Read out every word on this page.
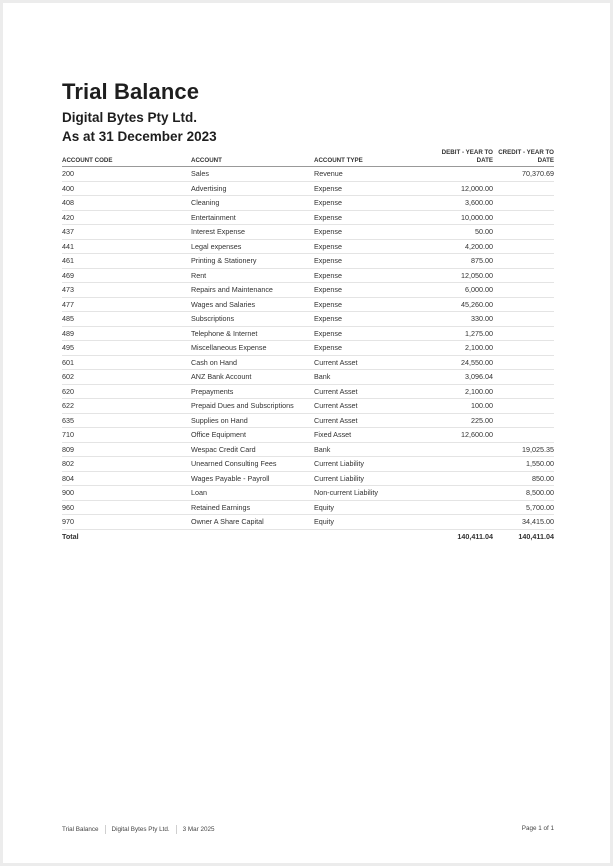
Trial Balance
Digital Bytes Pty Ltd.
As at 31 December 2023
ACCOUNT CODE	ACCOUNT	ACCOUNT TYPE	DEBIT - YEAR TO DATE	CREDIT - YEAR TO DATE
200	Sales	Revenue		70,370.69
400	Advertising	Expense	12,000.00	
408	Cleaning	Expense	3,600.00	
420	Entertainment	Expense	10,000.00	
437	Interest Expense	Expense	50.00	
441	Legal expenses	Expense	4,200.00	
461	Printing & Stationery	Expense	875.00	
469	Rent	Expense	12,050.00	
473	Repairs and Maintenance	Expense	6,000.00	
477	Wages and Salaries	Expense	45,260.00	
485	Subscriptions	Expense	330.00	
489	Telephone & Internet	Expense	1,275.00	
495	Miscellaneous Expense	Expense	2,100.00	
601	Cash on Hand	Current Asset	24,550.00	
602	ANZ Bank Account	Bank	3,096.04	
620	Prepayments	Current Asset	2,100.00	
622	Prepaid Dues and Subscriptions	Current Asset	100.00	
635	Supplies on Hand	Current Asset	225.00	
710	Office Equipment	Fixed Asset	12,600.00	
809	Wespac Credit Card	Bank		19,025.35
802	Unearned Consulting Fees	Current Liability		1,550.00
804	Wages Payable - Payroll	Current Liability		850.00
900	Loan	Non-current Liability		8,500.00
960	Retained Earnings	Equity		5,700.00
970	Owner A Share Capital	Equity		34,415.00
Total			140,411.04	140,411.04
Trial Balance Digital Bytes Pty Ltd. 3 Mar 2025	Page 1 of 1
